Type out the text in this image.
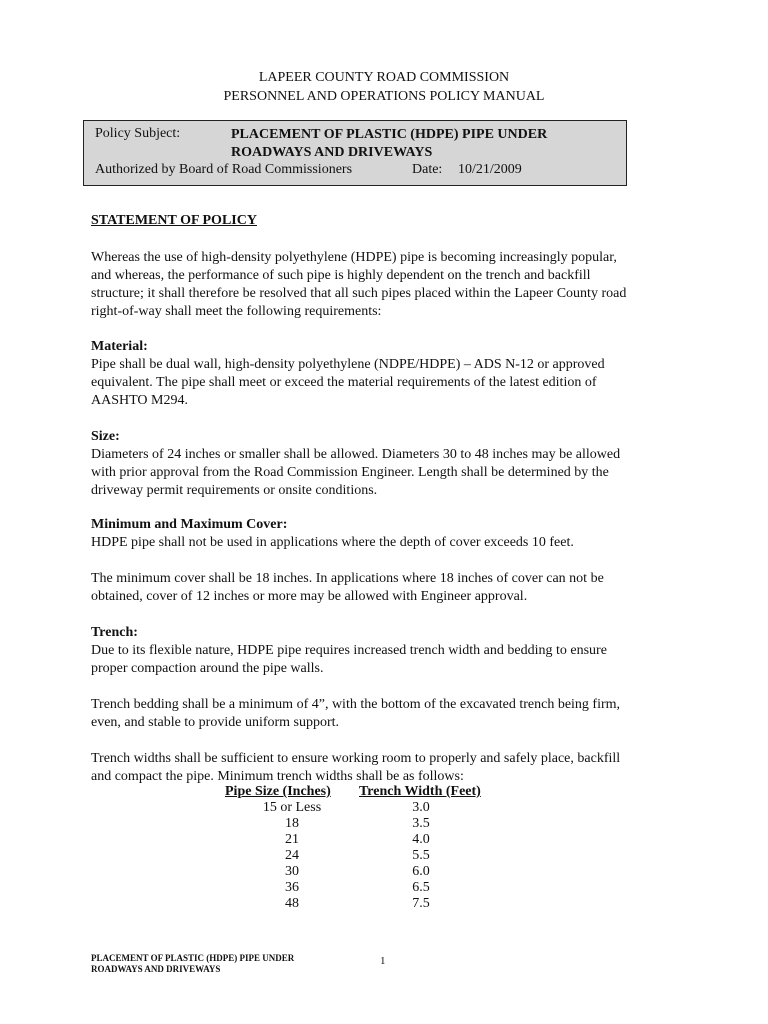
LAPEER COUNTY ROAD COMMISSION
PERSONNEL AND OPERATIONS POLICY MANUAL
Policy Subject:	PLACEMENT OF PLASTIC (HDPE) PIPE UNDER
ROADWAYS AND DRIVEWAYS
Authorized by Board of Road Commissioners	Date: 10/21/2009
STATEMENT OF POLICY
Whereas the use of high-density polyethylene (HDPE) pipe is becoming increasingly popular,
and whereas, the performance of such pipe is highly dependent on the trench and backfill
structure; it shall therefore be resolved that all such pipes placed within the Lapeer County road
right-of-way shall meet the following requirements:
Material:
Pipe shall be dual wall, high-density polyethylene (NDPE/HDPE) – ADS N-12 or approved
equivalent. The pipe shall meet or exceed the material requirements of the latest edition of
AASHTO M294.
Size:
Diameters of 24 inches or smaller shall be allowed. Diameters 30 to 48 inches may be allowed
with prior approval from the Road Commission Engineer. Length shall be determined by the
driveway permit requirements or onsite conditions.
Minimum and Maximum Cover:
HDPE pipe shall not be used in applications where the depth of cover exceeds 10 feet.
The minimum cover shall be 18 inches. In applications where 18 inches of cover can not be
obtained, cover of 12 inches or more may be allowed with Engineer approval.
Trench:
Due to its flexible nature, HDPE pipe requires increased trench width and bedding to ensure
proper compaction around the pipe walls.
Trench bedding shall be a minimum of 4”, with the bottom of the excavated trench being firm,
even, and stable to provide uniform support.
Trench widths shall be sufficient to ensure working room to properly and safely place, backfill
and compact the pipe. Minimum trench widths shall be as follows:
Pipe Size (Inches)	Trench Width (Feet)
15 or Less	3.0
18	3.5
21	4.0
24	5.5
30	6.0
36	6.5
48	7.5
PLACEMENT OF PLASTIC (HDPE) PIPE UNDER
ROADWAYS AND DRIVEWAYS
1
